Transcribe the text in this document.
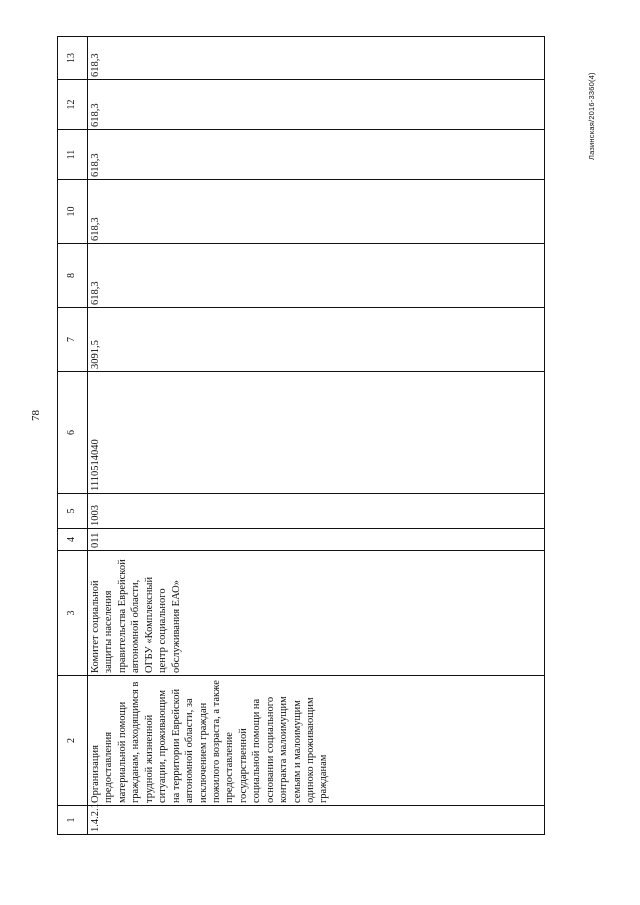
78
Лазинская/2016-3360(4)
1	2	3	4	5	6	7	8	10	11	12	13
1.4.2.1	Организация предоставления материальной помощи гражданам, находящимся в трудной жизненной ситуации, проживающим на территории Еврейской автономной области, за исключением граждан пожилого возраста, а также предоставление государственной социальной помощи на основании социального контракта малоимущим семьям и малоимущим одиноко проживающим гражданам	Комитет социальной защиты населения правительства Еврейской автономной области, ОГБУ «Комплексный центр социального обслуживания ЕАО»	011	1003	1110514040	3091,5	618,3	618,3	618,3	618,3	618,3
